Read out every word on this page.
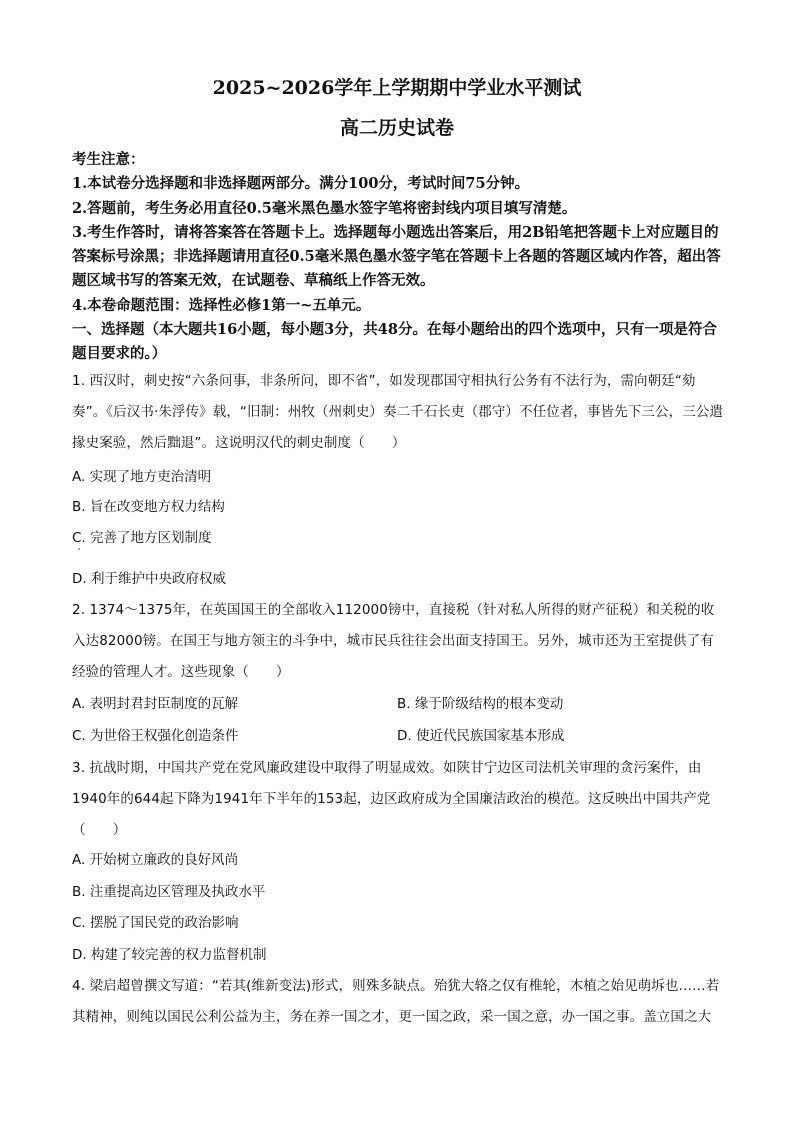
2025~2026学年上学期期中学业水平测试
高二历史试卷
考生注意：
1.本试卷分选择题和非选择题两部分。满分100分，考试时间75分钟。
2.答题前，考生务必用直径0.5毫米黑色墨水签字笔将密封线内项目填写清楚。
3.考生作答时，请将答案答在答题卡上。选择题每小题选出答案后，用2B铅笔把答题卡上对应题目的答案标号涂黑；非选择题请用直径0.5毫米黑色墨水签字笔在答题卡上各题的答题区域内作答，超出答题区域书写的答案无效，在试题卷、草稿纸上作答无效。
4.本卷命题范围：选择性必修1第一~五单元。
一、选择题（本大题共16小题，每小题3分，共48分。在每小题给出的四个选项中，只有一项是符合题目要求的。）
1. 西汉时，刺史按“六条问事，非条所问，即不省”，如发现郡国守相执行公务有不法行为，需向朝廷“劾奏”。《后汉书·朱浮传》载，“旧制：州牧（州刺史）奏二千石长吏（郡守）不任位者，事皆先下三公，三公遣掾史案验，然后黜退”。这说明汉代的刺史制度（　　）
A. 实现了地方吏治清明
B. 旨在改变地方权力结构
C. 完善了地方区划制度
D. 利于维护中央政府权威
2. 1374～1375年，在英国国王的全部收入112000镑中，直接税（针对私人所得的财产征税）和关税的收入达82000镑。在国王与地方领主的斗争中，城市民兵往往会出面支持国王。另外，城市还为王室提供了有经验的管理人才。这些现象（　　）
A. 表明封君封臣制度的瓦解	B. 缘于阶级结构的根本变动
C. 为世俗王权强化创造条件	D. 使近代民族国家基本形成
3. 抗战时期，中国共产党在党风廉政建设中取得了明显成效。如陕甘宁边区司法机关审理的贪污案件，由1940年的644起下降为1941年下半年的153起，边区政府成为全国廉洁政治的模范。这反映出中国共产党（　　）
A. 开始树立廉政的良好风尚
B. 注重提高边区管理及执政水平
C. 摆脱了国民党的政治影响
D. 构建了较完善的权力监督机制
4. 梁启超曾撰文写道：“若其(维新变法)形式，则殊多缺点。殆犹大辂之仅有椎轮，木植之始见萌坼也……若其精神，则纯以国民公利公益为主，务在养一国之才，更一国之政，采一国之意，办一国之事。盖立国之大
